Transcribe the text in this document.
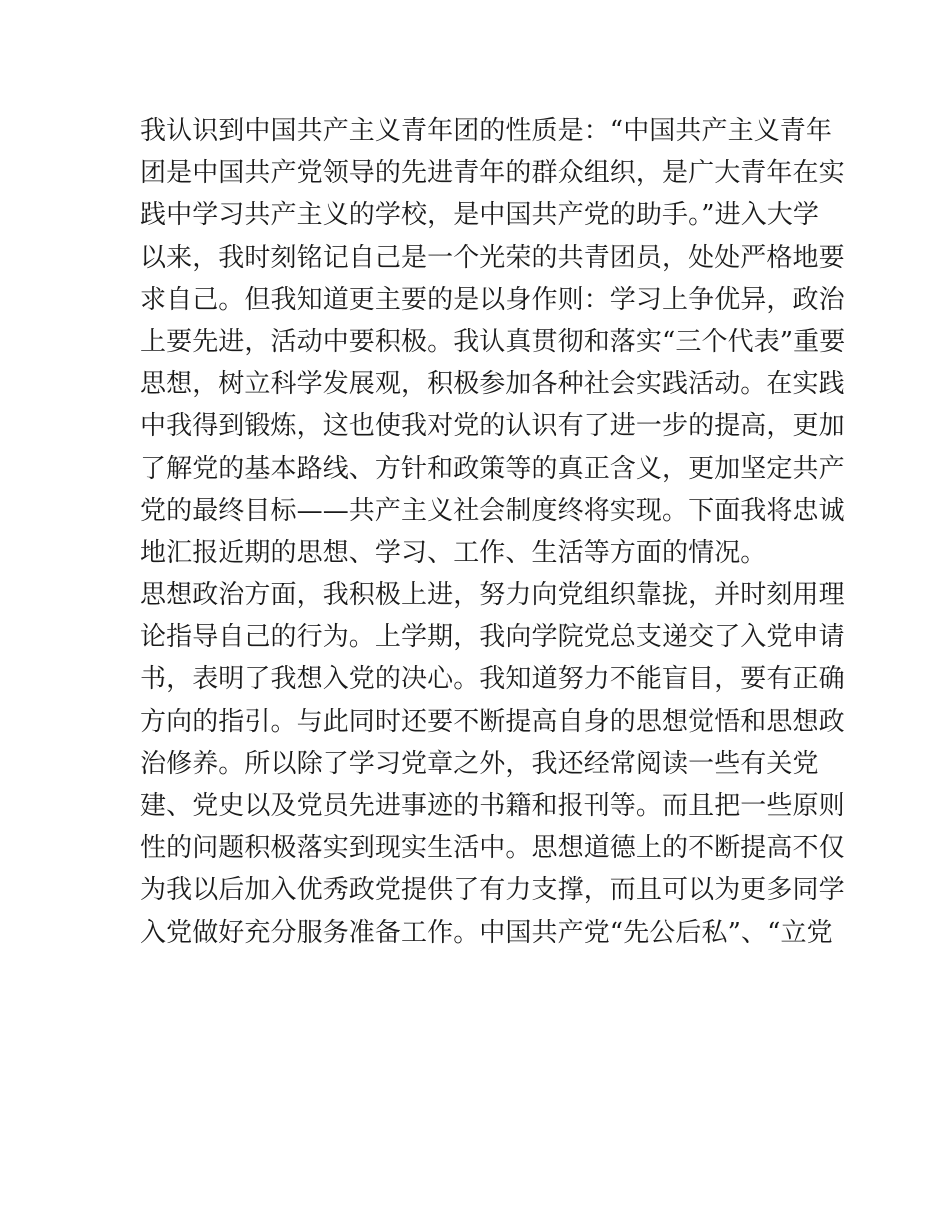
我认识到中国共产主义青年团的性质是：“中国共产主义青年
团是中国共产党领导的先进青年的群众组织，是广大青年在实
践中学习共产主义的学校，是中国共产党的助手。”进入大学
以来，我时刻铭记自己是一个光荣的共青团员，处处严格地要
求自己。但我知道更主要的是以身作则：学习上争优异，政治
上要先进，活动中要积极。我认真贯彻和落实“三个代表”重要
思想，树立科学发展观，积极参加各种社会实践活动。在实践
中我得到锻炼，这也使我对党的认识有了进一步的提高，更加
了解党的基本路线、方针和政策等的真正含义，更加坚定共产
党的最终目标——共产主义社会制度终将实现。下面我将忠诚
地汇报近期的思想、学习、工作、生活等方面的情况。
思想政治方面，我积极上进，努力向党组织靠拢，并时刻用理
论指导自己的行为。上学期，我向学院党总支递交了入党申请
书，表明了我想入党的决心。我知道努力不能盲目，要有正确
方向的指引。与此同时还要不断提高自身的思想觉悟和思想政
治修养。所以除了学习党章之外，我还经常阅读一些有关党
建、党史以及党员先进事迹的书籍和报刊等。而且把一些原则
性的问题积极落实到现实生活中。思想道德上的不断提高不仅
为我以后加入优秀政党提供了有力支撑，而且可以为更多同学
入党做好充分服务准备工作。中国共产党“先公后私”、“立党
